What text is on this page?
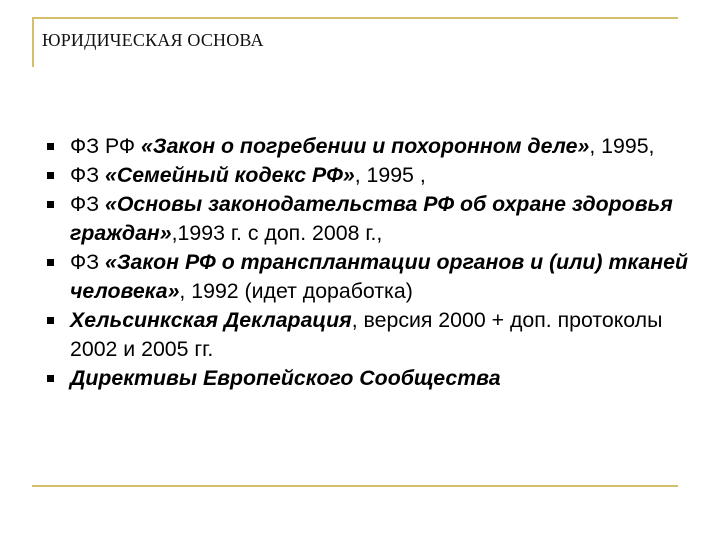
ЮРИДИЧЕСКАЯ ОСНОВА
ФЗ РФ «Закон о погребении и похоронном деле», 1995,
ФЗ «Семейный кодекс РФ», 1995 ,
ФЗ «Основы законодательства РФ об охране здоровья граждан»,1993 г. с доп. 2008 г.,
ФЗ «Закон РФ о трансплантации органов и (или) тканей человека», 1992 (идет доработка)
Хельсинкская Декларация, версия 2000 + доп. протоколы 2002 и 2005 гг.
Директивы Европейского Сообщества
